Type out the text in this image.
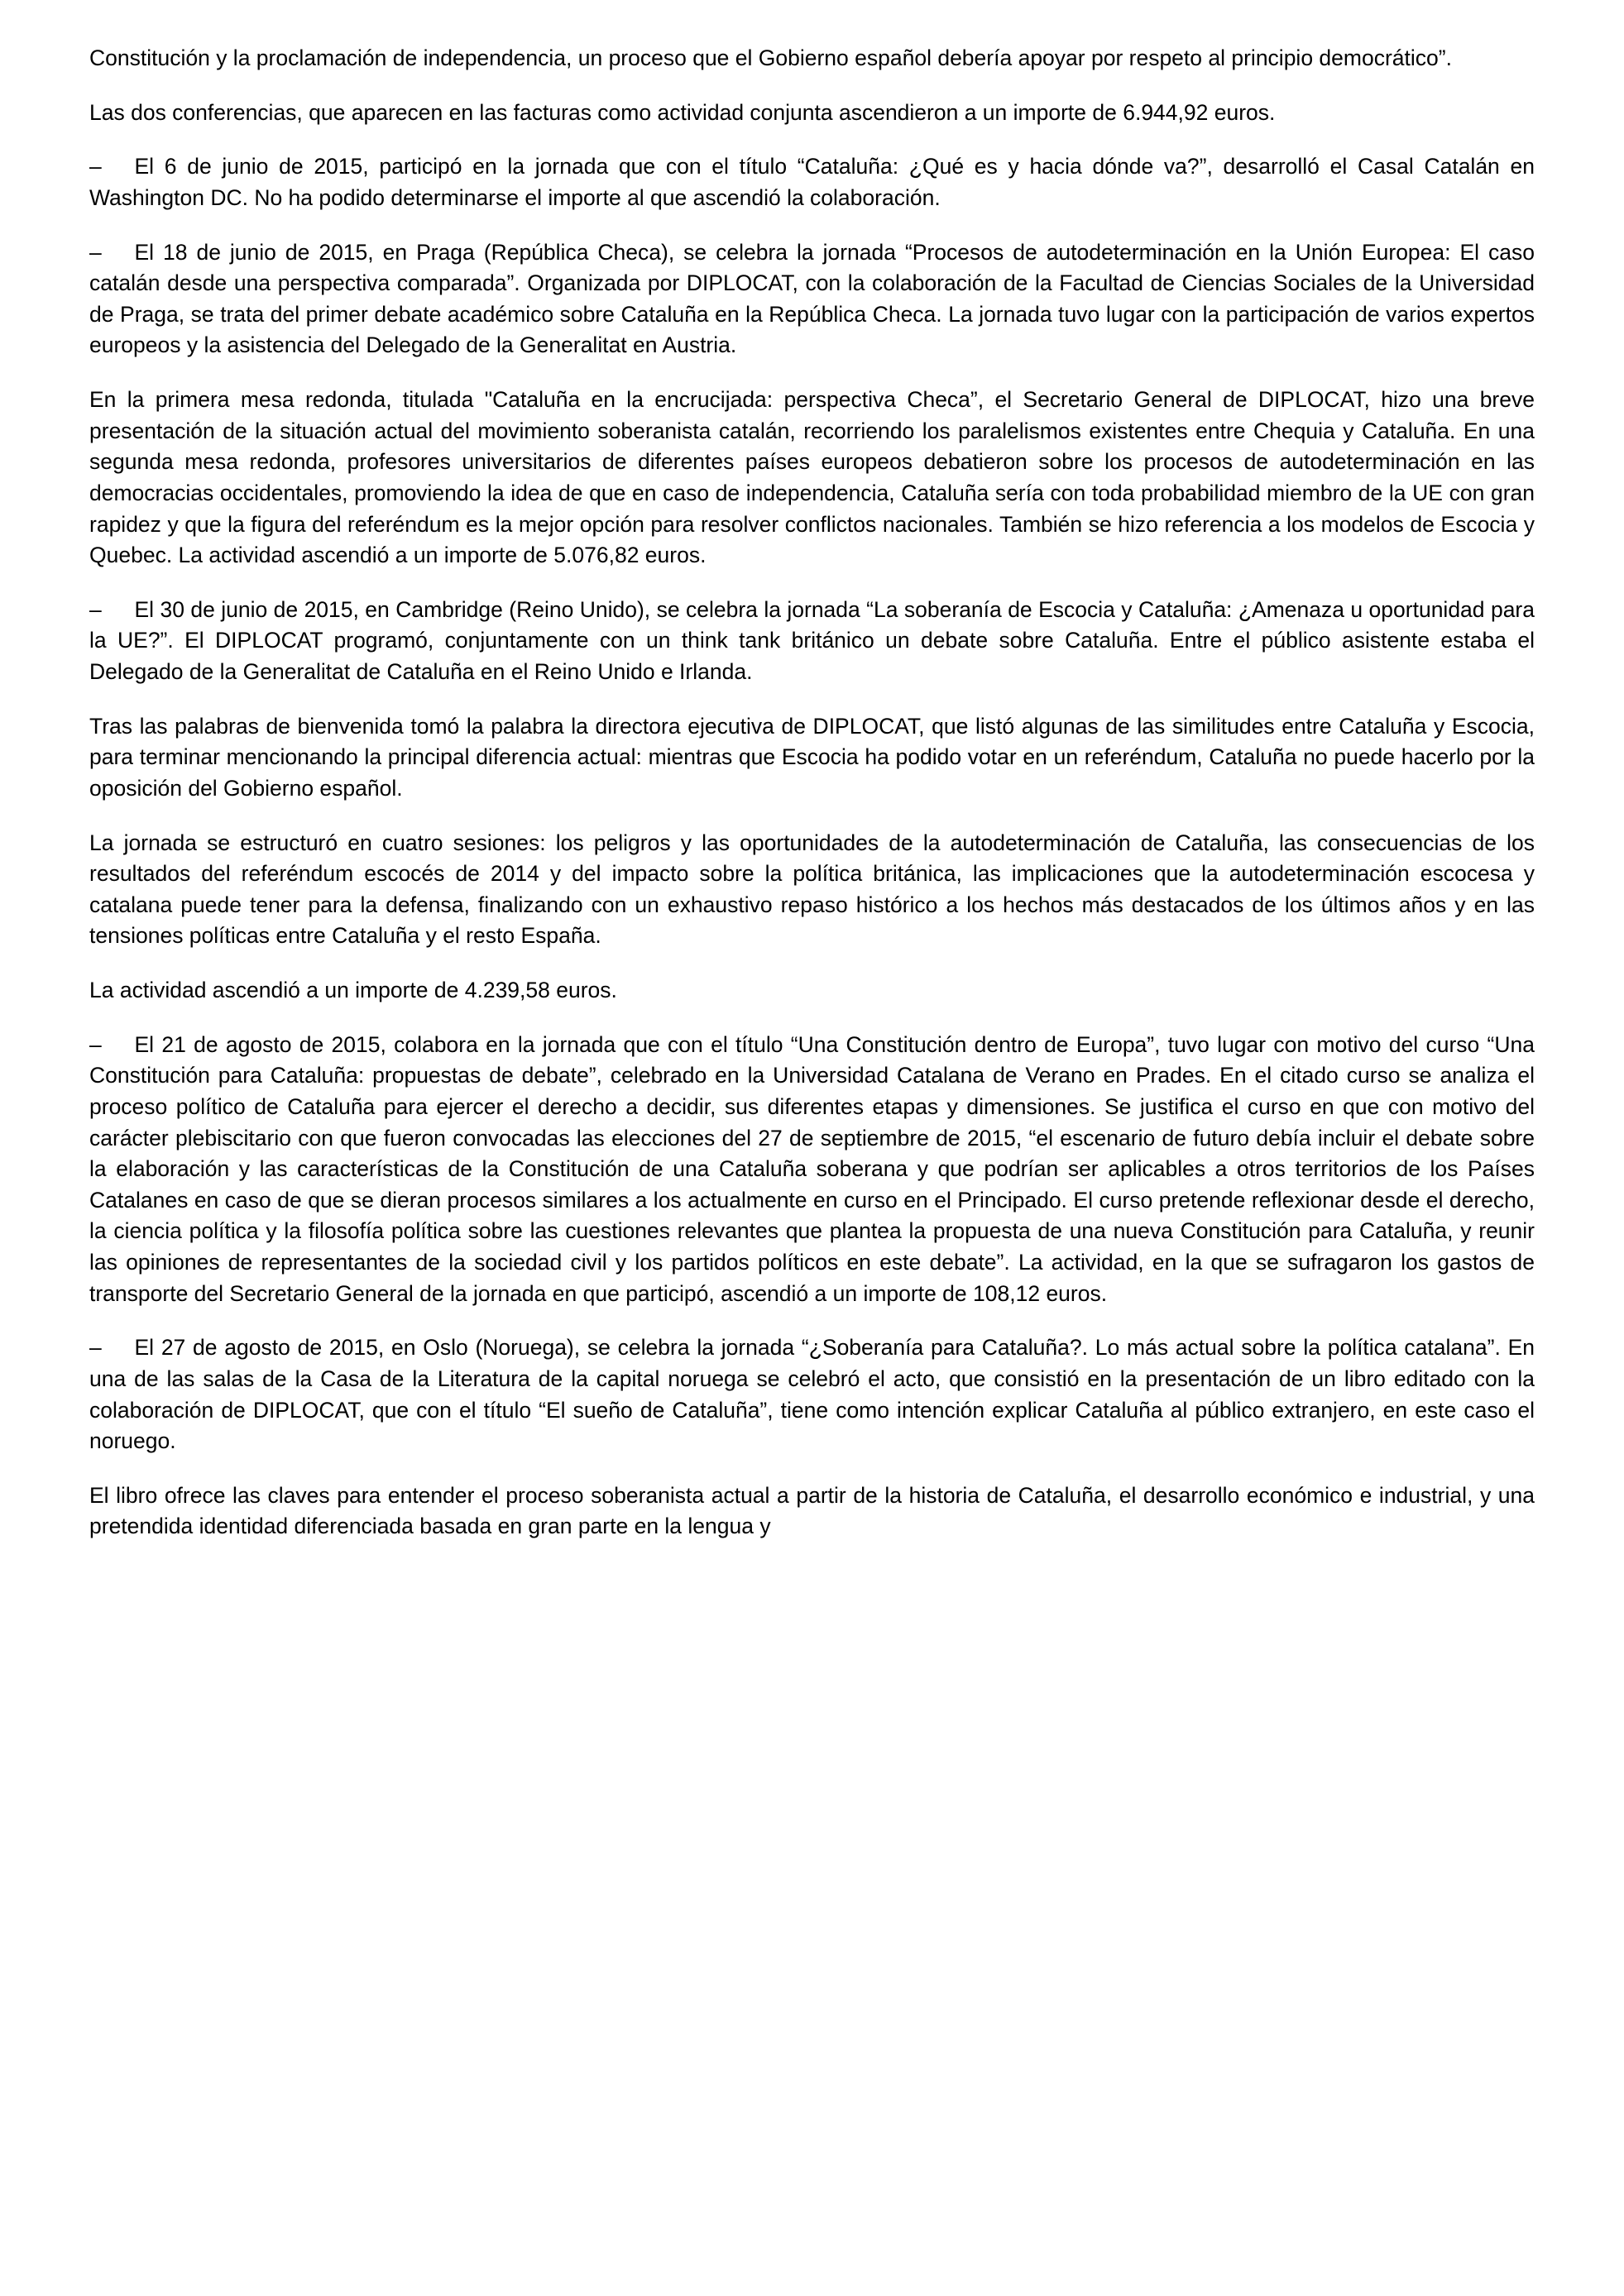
Constitución y la proclamación de independencia, un proceso que el Gobierno español debería apoyar por respeto al principio democrático”.

Las dos conferencias, que aparecen en las facturas como actividad conjunta ascendieron a un importe de 6.944,92 euros.

–  El 6 de junio de 2015, participó en la jornada que con el título “Cataluña: ¿Qué es y hacia dónde va?”, desarrolló el Casal Catalán en Washington DC. No ha podido determinarse el importe al que ascendió la colaboración.

–  El 18 de junio de 2015, en Praga (República Checa), se celebra la jornada “Procesos de autodeterminación en la Unión Europea: El caso catalán desde una perspectiva comparada”. Organizada por DIPLOCAT, con la colaboración de la Facultad de Ciencias Sociales de la Universidad de Praga, se trata del primer debate académico sobre Cataluña en la República Checa. La jornada tuvo lugar con la participación de varios expertos europeos y la asistencia del Delegado de la Generalitat en Austria.

En la primera mesa redonda, titulada "Cataluña en la encrucijada: perspectiva Checa”, el Secretario General de DIPLOCAT, hizo una breve presentación de la situación actual del movimiento soberanista catalán, recorriendo los paralelismos existentes entre Chequia y Cataluña. En una segunda mesa redonda, profesores universitarios de diferentes países europeos debatieron sobre los procesos de autodeterminación en las democracias occidentales, promoviendo la idea de que en caso de independencia, Cataluña sería con toda probabilidad miembro de la UE con gran rapidez y que la figura del referéndum es la mejor opción para resolver conflictos nacionales. También se hizo referencia a los modelos de Escocia y Quebec. La actividad ascendió a un importe de 5.076,82 euros.

–  El 30 de junio de 2015, en Cambridge (Reino Unido), se celebra la jornada “La soberanía de Escocia y Cataluña: ¿Amenaza u oportunidad para la UE?”. El DIPLOCAT programó, conjuntamente con un think tank británico un debate sobre Cataluña. Entre el público asistente estaba el Delegado de la Generalitat de Cataluña en el Reino Unido e Irlanda.

Tras las palabras de bienvenida tomó la palabra la directora ejecutiva de DIPLOCAT, que listó algunas de las similitudes entre Cataluña y Escocia, para terminar mencionando la principal diferencia actual: mientras que Escocia ha podido votar en un referéndum, Cataluña no puede hacerlo por la oposición del Gobierno español.

La jornada se estructuró en cuatro sesiones: los peligros y las oportunidades de la autodeterminación de Cataluña, las consecuencias de los resultados del referéndum escocés de 2014 y del impacto sobre la política británica, las implicaciones que la autodeterminación escocesa y catalana puede tener para la defensa, finalizando con un exhaustivo repaso histórico a los hechos más destacados de los últimos años y en las tensiones políticas entre Cataluña y el resto España.

La actividad ascendió a un importe de 4.239,58 euros.

–  El 21 de agosto de 2015, colabora en la jornada que con el título “Una Constitución dentro de Europa”, tuvo lugar con motivo del curso “Una Constitución para Cataluña: propuestas de debate”, celebrado en la Universidad Catalana de Verano en Prades. En el citado curso se analiza el proceso político de Cataluña para ejercer el derecho a decidir, sus diferentes etapas y dimensiones. Se justifica el curso en que con motivo del carácter plebiscitario con que fueron convocadas las elecciones del 27 de septiembre de 2015, “el escenario de futuro debía incluir el debate sobre la elaboración y las características de la Constitución de una Cataluña soberana y que podrían ser aplicables a otros territorios de los Países Catalanes en caso de que se dieran procesos similares a los actualmente en curso en el Principado. El curso pretende reflexionar desde el derecho, la ciencia política y la filosofía política sobre las cuestiones relevantes que plantea la propuesta de una nueva Constitución para Cataluña, y reunir las opiniones de representantes de la sociedad civil y los partidos políticos en este debate”. La actividad, en la que se sufragaron los gastos de transporte del Secretario General de la jornada en que participó, ascendió a un importe de 108,12 euros.

–  El 27 de agosto de 2015, en Oslo (Noruega), se celebra la jornada “¿Soberanía para Cataluña?. Lo más actual sobre la política catalana”. En una de las salas de la Casa de la Literatura de la capital noruega se celebró el acto, que consistió en la presentación de un libro editado con la colaboración de DIPLOCAT, que con el título “El sueño de Cataluña”, tiene como intención explicar Cataluña al público extranjero, en este caso el noruego.

El libro ofrece las claves para entender el proceso soberanista actual a partir de la historia de Cataluña, el desarrollo económico e industrial, y una pretendida identidad diferenciada basada en gran parte en la lengua y
